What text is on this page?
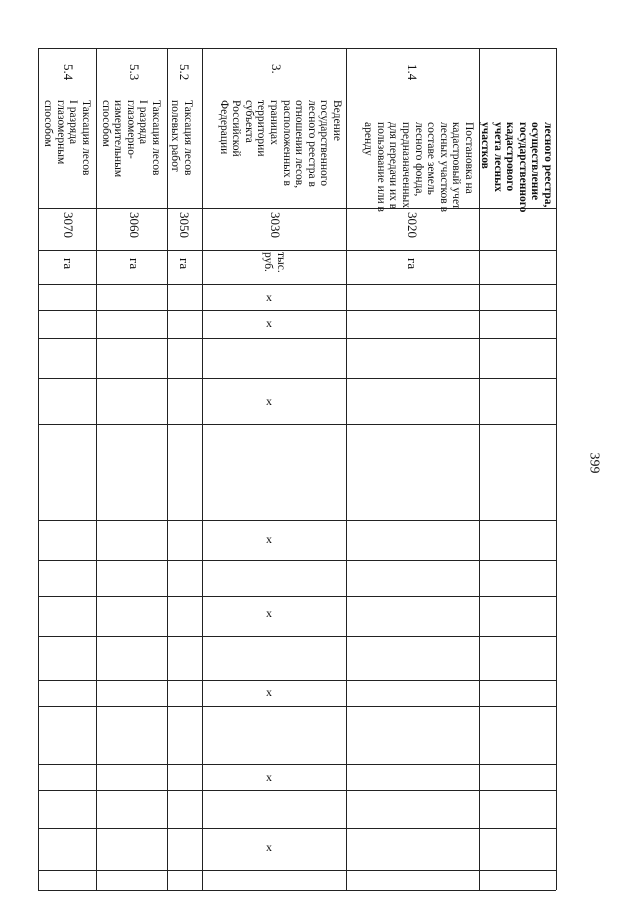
399
лесного реестра,
осуществление
государственного
кадастрового
учета лесных
участков
1.4
Постановка на
кадастровый учет
лесных участков в
составе земель
лесного фонда,
предназначенных
для передачи их в
пользование или в
аренду
3020
га
3.
Ведение
государственного
лесного реестра в
отношении лесов,
расположенных в
границах
территории
субъекта
Российской
Федерации
3030
тыс.
руб.
5.2
Таксация лесов
полевых работ
3050
га
5.3
Таксация лесов
I разряда
глазомерно-
измерительным
способом
3060
га
5.4
Таксация лесов
I разряда
глазомерным
способом
3070
га
x
x
x
x
x
x
x
x
